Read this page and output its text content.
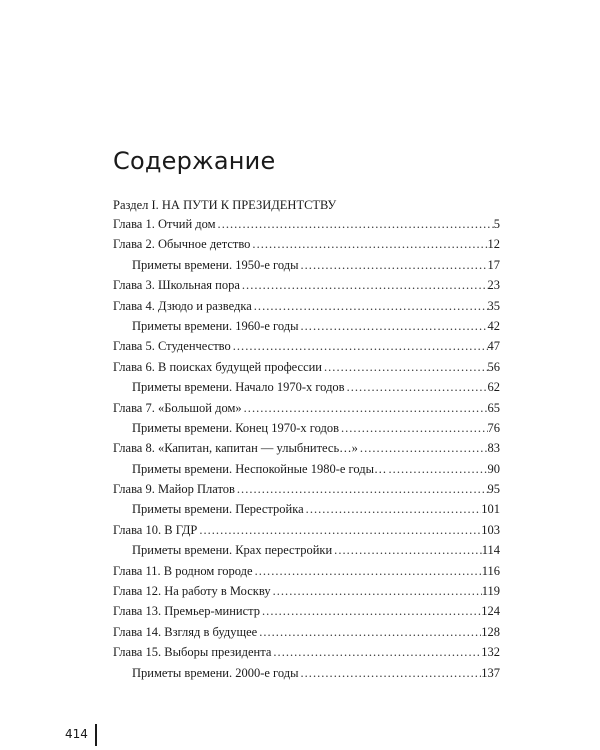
Содержание
Раздел I. НА ПУТИ К ПРЕЗИДЕНТСТВУ
Глава 1. Отчий дом . . .	5
Глава 2. Обычное детство . . .	12
Приметы времени. 1950-е годы . . .	17
Глава 3. Школьная пора . . .	23
Глава 4. Дзюдо и разведка . . .	35
Приметы времени. 1960-е годы . . .	42
Глава 5. Студенчество . . .	47
Глава 6. В поисках будущей профессии . . .	56
Приметы времени. Начало 1970-х годов . . .	62
Глава 7. «Большой дом» . . .	65
Приметы времени. Конец 1970-х годов . . .	76
Глава 8. «Капитан, капитан — улыбнитесь…» . . .	83
Приметы времени. Неспокойные 1980-е годы… . . .	90
Глава 9. Майор Платов . . .	95
Приметы времени. Перестройка . . .	101
Глава 10. В ГДР . . .	103
Приметы времени. Крах перестройки . . .	114
Глава 11. В родном городе . . .	116
Глава 12. На работу в Москву . . .	119
Глава 13. Премьер-министр . . .	124
Глава 14. Взгляд в будущее . . .	128
Глава 15. Выборы президента . . .	132
Приметы времени. 2000-е годы . . .	137
414
